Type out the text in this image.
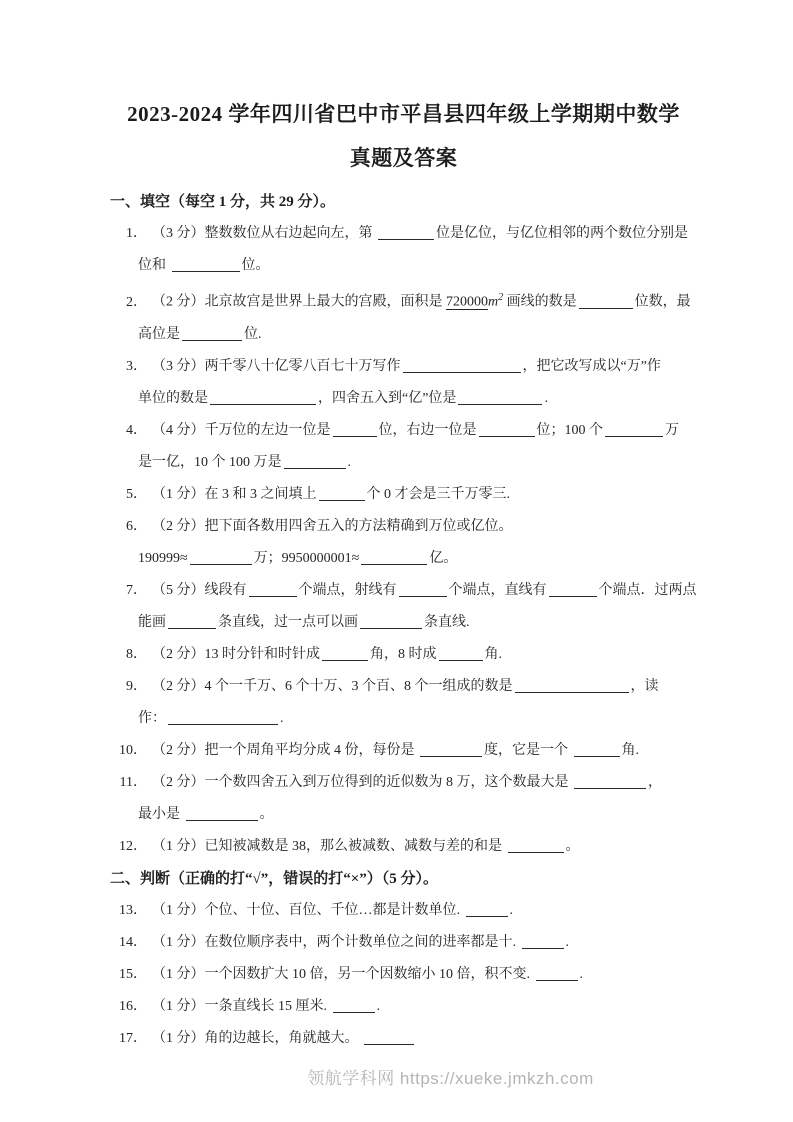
2023-2024 学年四川省巴中市平昌县四年级上学期期中数学
真题及答案
一、填空（每空 1 分，共 29 分）。
1． （3 分）整数数位从右边起向左，第	位是亿位，与亿位相邻的两个数位分别是
位和	位。
2． （2 分）北京故宫是世界上最大的宫殿，面积是 $720000m^2$ 画线的数是	位数，最
高位是	位.
3． （3 分）两千零八十亿零八百七十万写作	，把它改写成以“万”作
单位的数是	，四舍五入到“亿”位是	.
4． （4 分）千万位的左边一位是	位，右边一位是	位；100 个	万
是一亿，10 个 100 万是	.
5． （1 分）在 3 和 3 之间填上	个 0 才会是三千万零三.
6． （2 分）把下面各数用四舍五入的方法精确到万位或亿位。
190999≈	万；9950000001≈	亿。
7． （5 分）线段有	个端点，射线有	个端点，直线有	个端点．过两点
能画	条直线，过一点可以画	条直线.
8． （2 分）13 时分针和时针成	角，8 时成	角.
9． （2 分）4 个一千万、6 个十万、3 个百、8 个一组成的数是	，读
作：	.
10． （2 分）把一个周角平均分成 4 份，每份是	度，它是一个	角.
11． （2 分）一个数四舍五入到万位得到的近似数为 8 万，这个数最大是	，
最小是	。
12． （1 分）已知被减数是 38，那么被减数、减数与差的和是	。
二、判断（正确的打“√”，错误的打“×”）（5 分）。
13． （1 分）个位、十位、百位、千位…都是计数单位.	.
14． （1 分）在数位顺序表中，两个计数单位之间的进率都是十.	.
15． （1 分）一个因数扩大 10 倍，另一个因数缩小 10 倍，积不变.	.
16． （1 分）一条直线长 15 厘米.	.
17． （1 分）角的边越长，角就越大。
领航学科网 https://xueke.jmkzh.com
